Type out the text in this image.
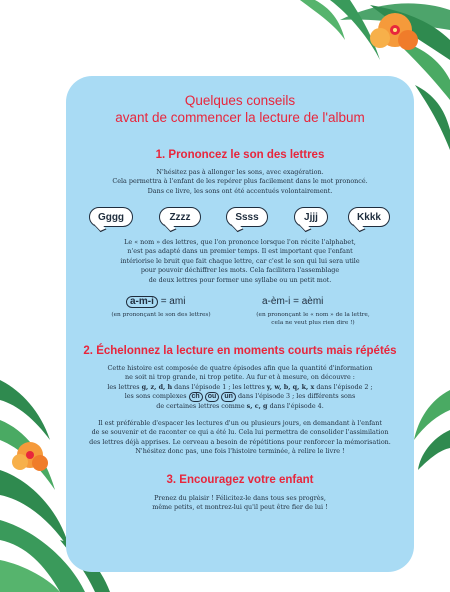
Quelques conseils
avant de commencer la lecture de l'album
1. Prononcez le son des lettres
N'hésitez pas à allonger les sons, avec exagération.
Cela permettra à l'enfant de les repérer plus facilement dans le mot prononcé.
Dans ce livre, les sons ont été accentués volontairement.
Gggg	Zzzz	Ssss	Jjjj	Kkkk
Le « nom » des lettres, que l'on prononce lorsque l'on récite l'alphabet,
n'est pas adapté dans un premier temps. Il est important que l'enfant
intériorise le bruit que fait chaque lettre, car c'est le son qui lui sera utile
pour pouvoir déchiffrer les mots. Cela facilitera l'assemblage
de deux lettres pour former une syllabe ou un petit mot.
a-m-i = ami
(en prononçant le son des lettres)
a-èm-i = aèmi
(en prononçant le « nom » de la lettre,
cela ne veut plus rien dire !)
2. Échelonnez la lecture en moments courts mais répétés
Cette histoire est composée de quatre épisodes afin que la quantité d'information
ne soit ni trop grande, ni trop petite. Au fur et à mesure, on découvre :
les lettres g, z, d, h dans l'épisode 1 ; les lettres y, w, b, q, k, x dans l'épisode 2 ;
les sons complexes ch ou un dans l'épisode 3 ; les différents sons
de certaines lettres comme s, c, g dans l'épisode 4.
Il est préférable d'espacer les lectures d'un ou plusieurs jours, en demandant à l'enfant
de se souvenir et de raconter ce qui a été lu. Cela lui permettra de consolider l'assimilation
des lettres déjà apprises. Le cerveau a besoin de répétitions pour renforcer la mémorisation.
N'hésitez donc pas, une fois l'histoire terminée, à relire le livre !
3. Encouragez votre enfant
Prenez du plaisir ! Félicitez-le dans tous ses progrès,
même petits, et montrez-lui qu'il peut être fier de lui !
